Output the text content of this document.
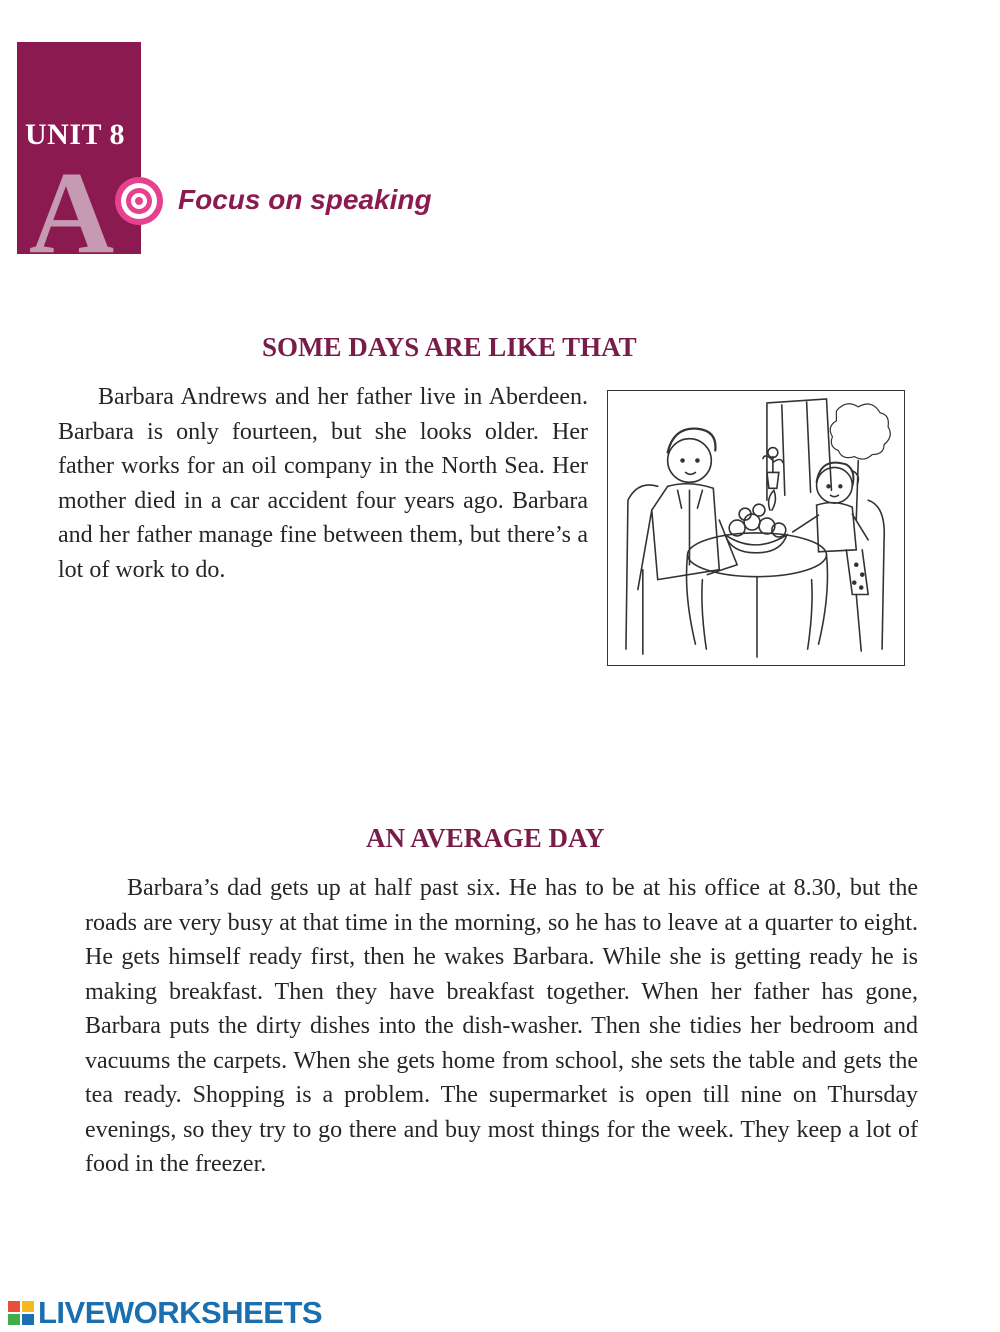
UNIT 8
A Focus on speaking
SOME DAYS ARE LIKE THAT

Barbara Andrews and her father live in Aberdeen. Barbara is only fourteen, but she looks older. Her father works for an oil company in the North Sea. Her mother died in a car accident four years ago. Barbara and her father manage fine between them, but there’s a lot of work to do.

AN AVERAGE DAY

Barbara’s dad gets up at half past six. He has to be at his office at 8.30, but the roads are very busy at that time in the morning, so he has to leave at a quarter to eight. He gets himself ready first, then he wakes Barbara. While she is getting ready he is making breakfast. Then they have breakfast together. When her father has gone, Barbara puts the dirty dishes into the dish-washer. Then she tidies her bedroom and vacuums the carpets. When she gets home from school, she sets the table and gets the tea ready. Shopping is a problem. The supermarket is open till nine on Thursday evenings, so they try to go there and buy most things for the week. They keep a lot of food in the freezer.

LIVEWORKSHEETS
